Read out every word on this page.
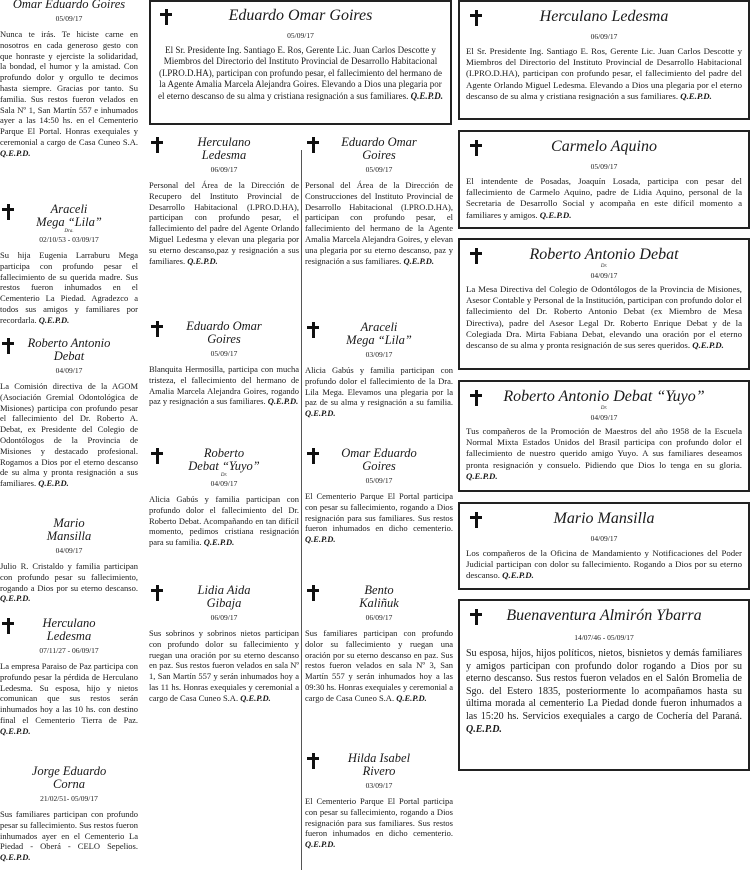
Omar Eduardo Goires
05/09/17
Nunca te irás. Te hiciste carne en nosotros en cada generoso gesto con que honraste y ejerciste la solidaridad, la bondad, el humor y la amistad. Con profundo dolor y orgullo te decimos hasta siempre. Gracias por tanto. Su familia. Sus restos fueron velados en Sala Nº 1, San Martín 557 e inhumados ayer a las 14:50 hs. en el Cementerio Parque El Portal. Honras exequiales y ceremonial a cargo de Casa Cuneo S.A. Q.E.P.D.
Araceli
Mega “Lila”
Dra.
02/10/53 - 03/09/17
Su hija Eugenia Larraburu Mega participa con profundo pesar el fallecimiento de su querida madre. Sus restos fueron inhumados en el Cementerio La Piedad. Agradezco a todos sus amigos y familiares por recordarla. Q.E.P.D.
Roberto Antonio
Debat
04/09/17
La Comisión directiva de la AGOM (Asociación Gremial Odontológica de Misiones) participa con profundo pesar el fallecimiento del Dr. Roberto A. Debat, ex Presidente del Colegio de Odontólogos de la Provincia de Misiones y destacado profesional. Rogamos a Dios por el eterno descanso de su alma y pronta resignación a sus familiares. Q.E.P.D.
Mario
Mansilla
04/09/17
Julio R. Cristaldo y familia participan con profundo pesar su fallecimiento, rogando a Dios por su eterno descanso. Q.E.P.D.
Herculano
Ledesma
07/11/27 - 06/09/17
La empresa Paraiso de Paz participa con profundo pesar la pérdida de Herculano Ledesma. Su esposa, hijo y nietos comunican que sus restos serán inhumados hoy a las 10 hs. con destino final el Cementerio Tierra de Paz. Q.E.P.D.
Jorge Eduardo
Corna
21/02/51- 05/09/17
Sus familiares participan con profundo pesar su fallecimiento. Sus restos fueron inhumados ayer en el Cementerio La Piedad - Oberá - CELO Sepelios. Q.E.P.D.
Eduardo Omar Goires
05/09/17
El Sr. Presidente Ing. Santiago E. Ros, Gerente Lic. Juan Carlos Descotte y Miembros del Directorio del Instituto Provincial de Desarrollo Habitacional (I.PRO.D.HA), participan con profundo pesar, el fallecimiento del hermano de la Agente Amalia Marcela Alejandra Goires. Elevando a Dios una plegaria por el eterno descanso de su alma y cristiana resignación a sus familiares. Q.E.P.D.
Herculano
Ledesma
06/09/17
Personal del Área de la Dirección de Recupero del Instituto Provincial de Desarrollo Habitacional (I.PRO.D.HA), participan con profundo pesar, el fallecimiento del padre del Agente Orlando Miguel Ledesma y elevan una plegaria por su eterno descanso,paz y resignación a sus familiares. Q.E.P.D.
Eduardo Omar
Goires
05/09/17
Blanquita Hermosilla, participa con mucha tristeza, el fallecimiento del hermano de Amalia Marcela Alejandra Goires, rogando paz y resignación a sus familiares. Q.E.P.D.
Roberto
Debat “Yuyo”
Dr.
04/09/17
Alicia Gabús y familia participan con profundo dolor el fallecimiento del Dr. Roberto Debat. Acompañando en tan difícil momento, pedimos cristiana resignación para su familia. Q.E.P.D.
Lidia Aida
Gibaja
06/09/17
Sus sobrinos y sobrinos nietos participan con profundo dolor su fallecimiento y ruegan una oración por su eterno descanso en paz. Sus restos fueron velados en sala Nº 1, San Martín 557 y serán inhumados hoy a las 11 hs. Honras exequiales y ceremonial a cargo de Casa Cuneo S.A. Q.E.P.D.
Eduardo Omar
Goires
05/09/17
Personal del Área de la Dirección de Construcciones del Instituto Provincial de Desarrollo Habitacional (I.PRO.D.HA), participan con profundo pesar, el fallecimiento del hermano de la Agente Amalia Marcela Alejandra Goires, y elevan una plegaria por su eterno descanso, paz y resignación a sus familiares. Q.E.P.D.
Araceli
Mega “Lila”
03/09/17
Alicia Gabús y familia participan con profundo dolor el fallecimiento de la Dra. Lila Mega. Elevamos una plegaria por la paz de su alma y resignación a su familia. Q.E.P.D.
Omar Eduardo
Goires
05/09/17
El Cementerio Parque El Portal participa con pesar su fallecimiento, rogando a Dios resignación para sus familiares. Sus restos fueron inhumados en dicho cementerio. Q.E.P.D.
Bento
Kaliñuk
06/09/17
Sus familiares participan con profundo dolor su fallecimiento y ruegan una oración por su eterno descanso en paz. Sus restos fueron velados en sala Nº 3, San Martín 557 y serán inhumados hoy a las 09:30 hs. Honras exequiales y ceremonial a cargo de Casa Cuneo S.A. Q.E.P.D.
Hilda Isabel
Rivero
03/09/17
El Cementerio Parque El Portal participa con pesar su fallecimiento, rogando a Dios resignación para sus familiares. Sus restos fueron inhumados en dicho cementerio. Q.E.P.D.
Herculano Ledesma
06/09/17
El Sr. Presidente Ing. Santiago E. Ros, Gerente Lic. Juan Carlos Descotte y Miembros del Directorio del Instituto Provincial de Desarrollo Habitacional (I.PRO.D.HA), participan con profundo pesar, el fallecimiento del padre del Agente Orlando Miguel Ledesma. Elevando a Dios una plegaria por el eterno descanso de su alma y cristiana resignación a sus familiares. Q.E.P.D.
Carmelo Aquino
05/09/17
El intendente de Posadas, Joaquín Losada, participa con pesar del fallecimiento de Carmelo Aquino, padre de Lidia Aquino, personal de la Secretaria de Desarrollo Social y acompaña en este difícil momento a familiares y amigos. Q.E.P.D.
Roberto Antonio Debat
Dr.
04/09/17
La Mesa Directiva del Colegio de Odontólogos de la Provincia de Misiones, Asesor Contable y Personal de la Institución, participan con profundo dolor el fallecimiento del Dr. Roberto Antonio Debat (ex Miembro de Mesa Directiva), padre del Asesor Legal Dr. Roberto Enrique Debat y de la Colegiada Dra. Mirta Fabiana Debat, elevando una oración por el eterno descanso de su alma y pronta resignación de sus seres queridos. Q.E.P.D.
Roberto Antonio Debat “Yuyo”
Dr.
04/09/17
Tus compañeros de la Promoción de Maestros del año 1958 de la Escuela Normal Mixta Estados Unidos del Brasil participa con profundo dolor el fallecimiento de nuestro querido amigo Yuyo. A sus familiares deseamos pronta resignación y consuelo. Pidiendo que Dios lo tenga en su gloria. Q.E.P.D.
Mario Mansilla
04/09/17
Los compañeros de la Oficina de Mandamiento y Notificaciones del Poder Judicial participan con dolor su fallecimiento. Rogando a Dios por su eterno descanso. Q.E.P.D.
Buenaventura Almirón Ybarra
14/07/46 - 05/09/17
Su esposa, hijos, hijos políticos, nietos, bisnietos y demás familiares y amigos participan con profundo dolor rogando a Dios por su eterno descanso. Sus restos fueron velados en el Salón Bromelia de Sgo. del Estero 1835, posteriormente lo acompañamos hasta su última morada al cementerio La Piedad donde fueron inhumados a las 15:20 hs. Servicios exequiales a cargo de Cochería del Paraná. Q.E.P.D.
